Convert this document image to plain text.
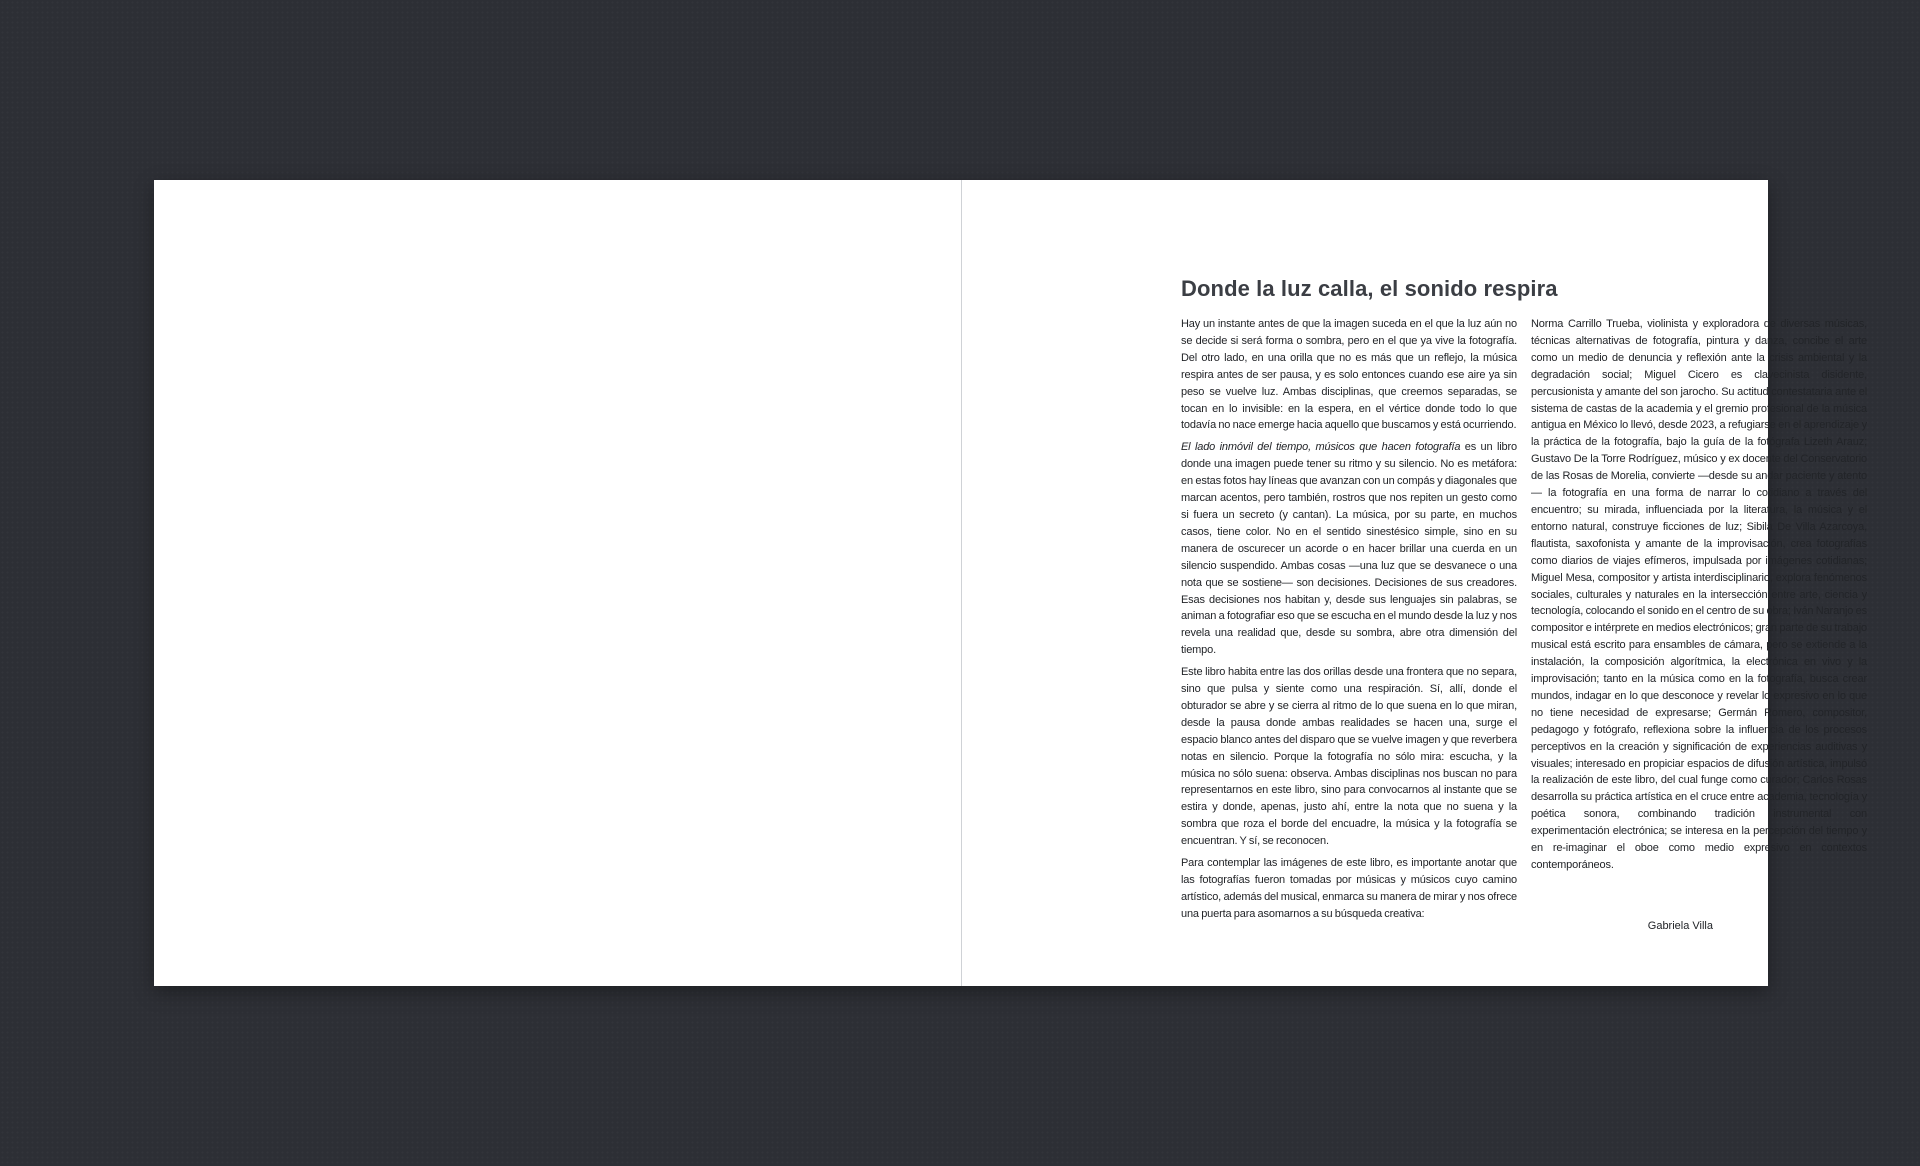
Donde la luz calla, el sonido respira

Hay un instante antes de que la imagen suceda en el que la luz aún no se decide si será forma o sombra, pero en el que ya vive la fotografía. Del otro lado, en una orilla que no es más que un reflejo, la música respira antes de ser pausa, y es solo entonces cuando ese aire ya sin peso se vuelve luz. Ambas disciplinas, que creemos separadas, se tocan en lo invisible: en la espera, en el vértice donde todo lo que todavía no nace emerge hacia aquello que buscamos y está ocurriendo.

El lado inmóvil del tiempo, músicos que hacen fotografía es un libro donde una imagen puede tener su ritmo y su silencio. No es metáfora: en estas fotos hay líneas que avanzan con un compás y diagonales que marcan acentos, pero también, rostros que nos repiten un gesto como si fuera un secreto (y cantan). La música, por su parte, en muchos casos, tiene color. No en el sentido sinestésico simple, sino en su manera de oscurecer un acorde o en hacer brillar una cuerda en un silencio suspendido. Ambas cosas —una luz que se desvanece o una nota que se sostiene— son decisiones. Decisiones de sus creadores. Esas decisiones nos habitan y, desde sus lenguajes sin palabras, se animan a fotografiar eso que se escucha en el mundo desde la luz y nos revela una realidad que, desde su sombra, abre otra dimensión del tiempo.

Este libro habita entre las dos orillas desde una frontera que no separa, sino que pulsa y siente como una respiración. Sí, allí, donde el obturador se abre y se cierra al ritmo de lo que suena en lo que miran, desde la pausa donde ambas realidades se hacen una, surge el espacio blanco antes del disparo que se vuelve imagen y que reverbera notas en silencio. Porque la fotografía no sólo mira: escucha, y la música no sólo suena: observa. Ambas disciplinas nos buscan no para representarnos en este libro, sino para convocarnos al instante que se estira y donde, apenas, justo ahí, entre la nota que no suena y la sombra que roza el borde del encuadre, la música y la fotografía se encuentran. Y sí, se reconocen.

Para contemplar las imágenes de este libro, es importante anotar que las fotografías fueron tomadas por músicas y músicos cuyo camino artístico, además del musical, enmarca su manera de mirar y nos ofrece una puerta para asomarnos a su búsqueda creativa:

Norma Carrillo Trueba, violinista y exploradora de diversas músicas, técnicas alternativas de fotografía, pintura y danza, concibe el arte como un medio de denuncia y reflexión ante la crisis ambiental y la degradación social; Miguel Cicero es clavecinista disidente, percusionista y amante del son jarocho. Su actitud contestataria ante el sistema de castas de la academia y el gremio profesional de la música antigua en México lo llevó, desde 2023, a refugiarse en el aprendizaje y la práctica de la fotografía, bajo la guía de la fotógrafa Lizeth Arauz; Gustavo De la Torre Rodríguez, músico y ex docente del Conservatorio de las Rosas de Morelia, convierte —desde su andar paciente y atento— la fotografía en una forma de narrar lo cotidiano a través del encuentro; su mirada, influenciada por la literatura, la música y el entorno natural, construye ficciones de luz; Sibila De Villa Azarcoya, flautista, saxofonista y amante de la improvisación, crea fotografías como diarios de viajes efímeros, impulsada por imágenes cotidianas; Miguel Mesa, compositor y artista interdisciplinario, explora fenómenos sociales, culturales y naturales en la intersección entre arte, ciencia y tecnología, colocando el sonido en el centro de su obra; Iván Naranjo es compositor e intérprete en medios electrónicos; gran parte de su trabajo musical está escrito para ensambles de cámara, pero se extiende a la instalación, la composición algorítmica, la electrónica en vivo y la improvisación; tanto en la música como en la fotografía, busca crear mundos, indagar en lo que desconoce y revelar lo expresivo en lo que no tiene necesidad de expresarse; Germán Romero, compositor, pedagogo y fotógrafo, reflexiona sobre la influencia de los procesos perceptivos en la creación y significación de experiencias auditivas y visuales; interesado en propiciar espacios de difusión artística, impulsó la realización de este libro, del cual funge como curador; Carlos Rosas desarrolla su práctica artística en el cruce entre academia, tecnología y poética sonora, combinando tradición instrumental con experimentación electrónica; se interesa en la percepción del tiempo y en re-imaginar el oboe como medio expresivo en contextos contemporáneos.

Gabriela Villa
